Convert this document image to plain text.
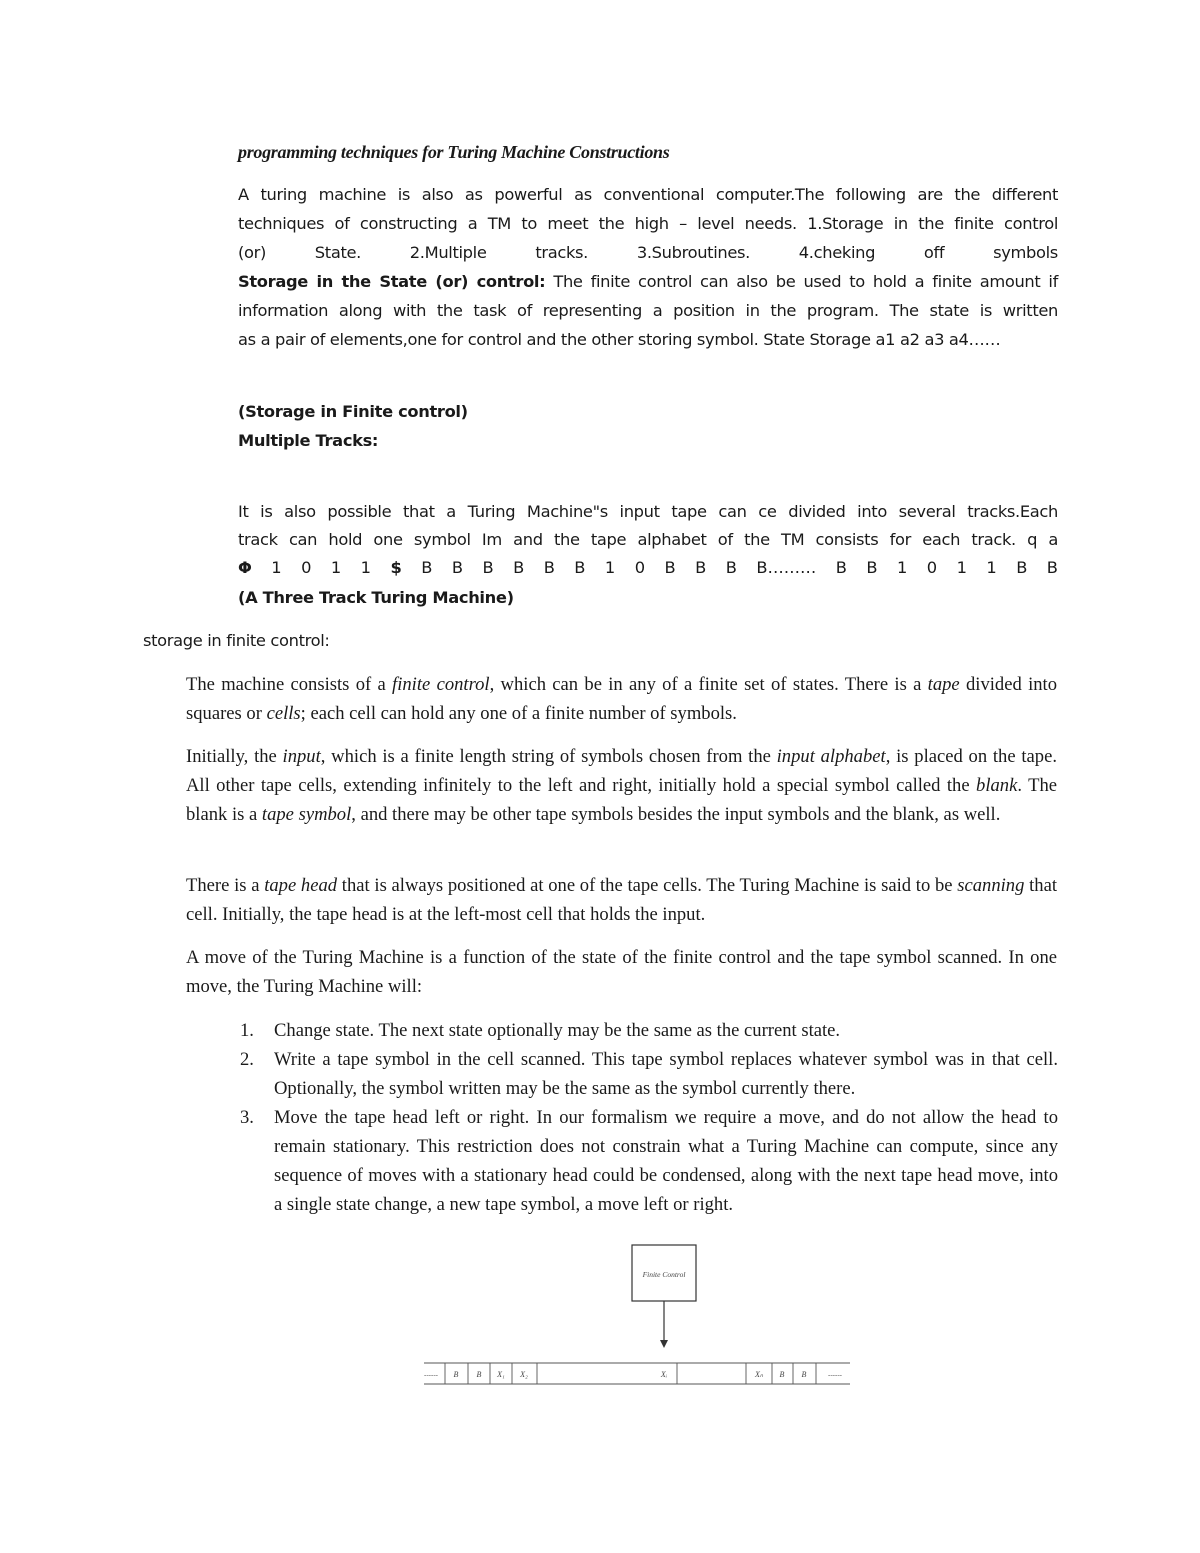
programming techniques for Turing Machine Constructions

A turing machine is also as powerful as conventional computer.The following are the different
techniques of constructing a TM to meet the high – level needs. 1.Storage in the finite control
(or)	State.	2.Multiple	tracks.	3.Subroutines.	4.cheking	off	symbols
Storage in the State (or) control: The finite control can also be used to hold a finite amount if
information along with the task of representing a position in the program. The state is written
as a pair of elements,one for control and the other storing symbol. State Storage a1 a2 a3 a4……

(Storage in Finite control)

Multiple Tracks:

It is also possible that a Turing Machine"s input tape can ce divided into several tracks.Each
track can hold one symbol Im and the tape alphabet of the TM consists for each track. q a
Φ 1 0 1 1 $ B B B B B B 1 0 B B B B……… B B 1 0 1 1 B B

(A Three Track Turing Machine)

storage in finite control:

The machine consists of a finite control, which can be in any of a finite set of states. There is a tape divided into squares or cells; each cell can hold any one of a finite number of symbols.

Initially, the input, which is a finite length string of symbols chosen from the input alphabet, is placed on the tape. All other tape cells, extending infinitely to the left and right, initially hold a special symbol called the blank. The blank is a tape symbol, and there may be other tape symbols besides the input symbols and the blank, as well.

There is a tape head that is always positioned at one of the tape cells. The Turing Machine is said to be scanning that cell. Initially, the tape head is at the left-most cell that holds the input.

A move of the Turing Machine is a function of the state of the finite control and the tape symbol scanned. In one move, the Turing Machine will:

1. Change state. The next state optionally may be the same as the current state.
2. Write a tape symbol in the cell scanned. This tape symbol replaces whatever symbol was in that cell. Optionally, the symbol written may be the same as the symbol currently there.
3. Move the tape head left or right. In our formalism we require a move, and do not allow the head to remain stationary. This restriction does not constrain what a Turing Machine can compute, since any sequence of moves with a stationary head could be condensed, along with the next tape head move, into a single state change, a new tape symbol, a move left or right.
Finite Control
------	------
B B X₁ X₂	Xᵢ	Xₙ B B
